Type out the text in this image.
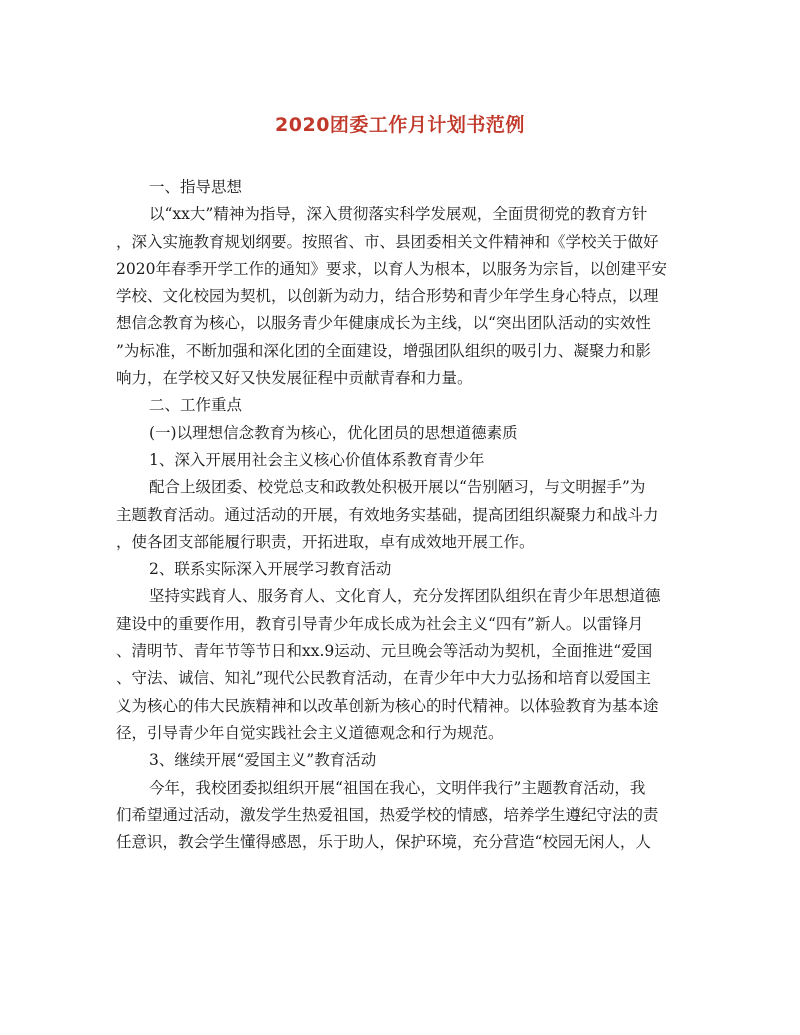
2020团委工作月计划书范例
一、指导思想
以“xx大”精神为指导，深入贯彻落实科学发展观，全面贯彻党的教育方针
，深入实施教育规划纲要。按照省、市、县团委相关文件精神和《学校关于做好
2020年春季开学工作的通知》要求，以育人为根本，以服务为宗旨，以创建平安
学校、文化校园为契机，以创新为动力，结合形势和青少年学生身心特点，以理
想信念教育为核心，以服务青少年健康成长为主线，以“突出团队活动的实效性
”为标准，不断加强和深化团的全面建设，增强团队组织的吸引力、凝聚力和影
响力，在学校又好又快发展征程中贡献青春和力量。
二、工作重点
(一)以理想信念教育为核心，优化团员的思想道德素质
1、深入开展用社会主义核心价值体系教育青少年
配合上级团委、校党总支和政教处积极开展以“告别陋习，与文明握手”为
主题教育活动。通过活动的开展，有效地务实基础，提高团组织凝聚力和战斗力
，使各团支部能履行职责，开拓进取，卓有成效地开展工作。
2、联系实际深入开展学习教育活动
坚持实践育人、服务育人、文化育人，充分发挥团队组织在青少年思想道德
建设中的重要作用，教育引导青少年成长成为社会主义“四有”新人。以雷锋月
、清明节、青年节等节日和xx.9运动、元旦晚会等活动为契机，全面推进“爱国
、守法、诚信、知礼”现代公民教育活动，在青少年中大力弘扬和培育以爱国主
义为核心的伟大民族精神和以改革创新为核心的时代精神。以体验教育为基本途
径，引导青少年自觉实践社会主义道德观念和行为规范。
3、继续开展“爱国主义”教育活动
今年，我校团委拟组织开展“祖国在我心，文明伴我行”主题教育活动，我
们希望通过活动，激发学生热爱祖国，热爱学校的情感，培养学生遵纪守法的责
任意识，教会学生懂得感恩，乐于助人，保护环境，充分营造“校园无闲人，人
